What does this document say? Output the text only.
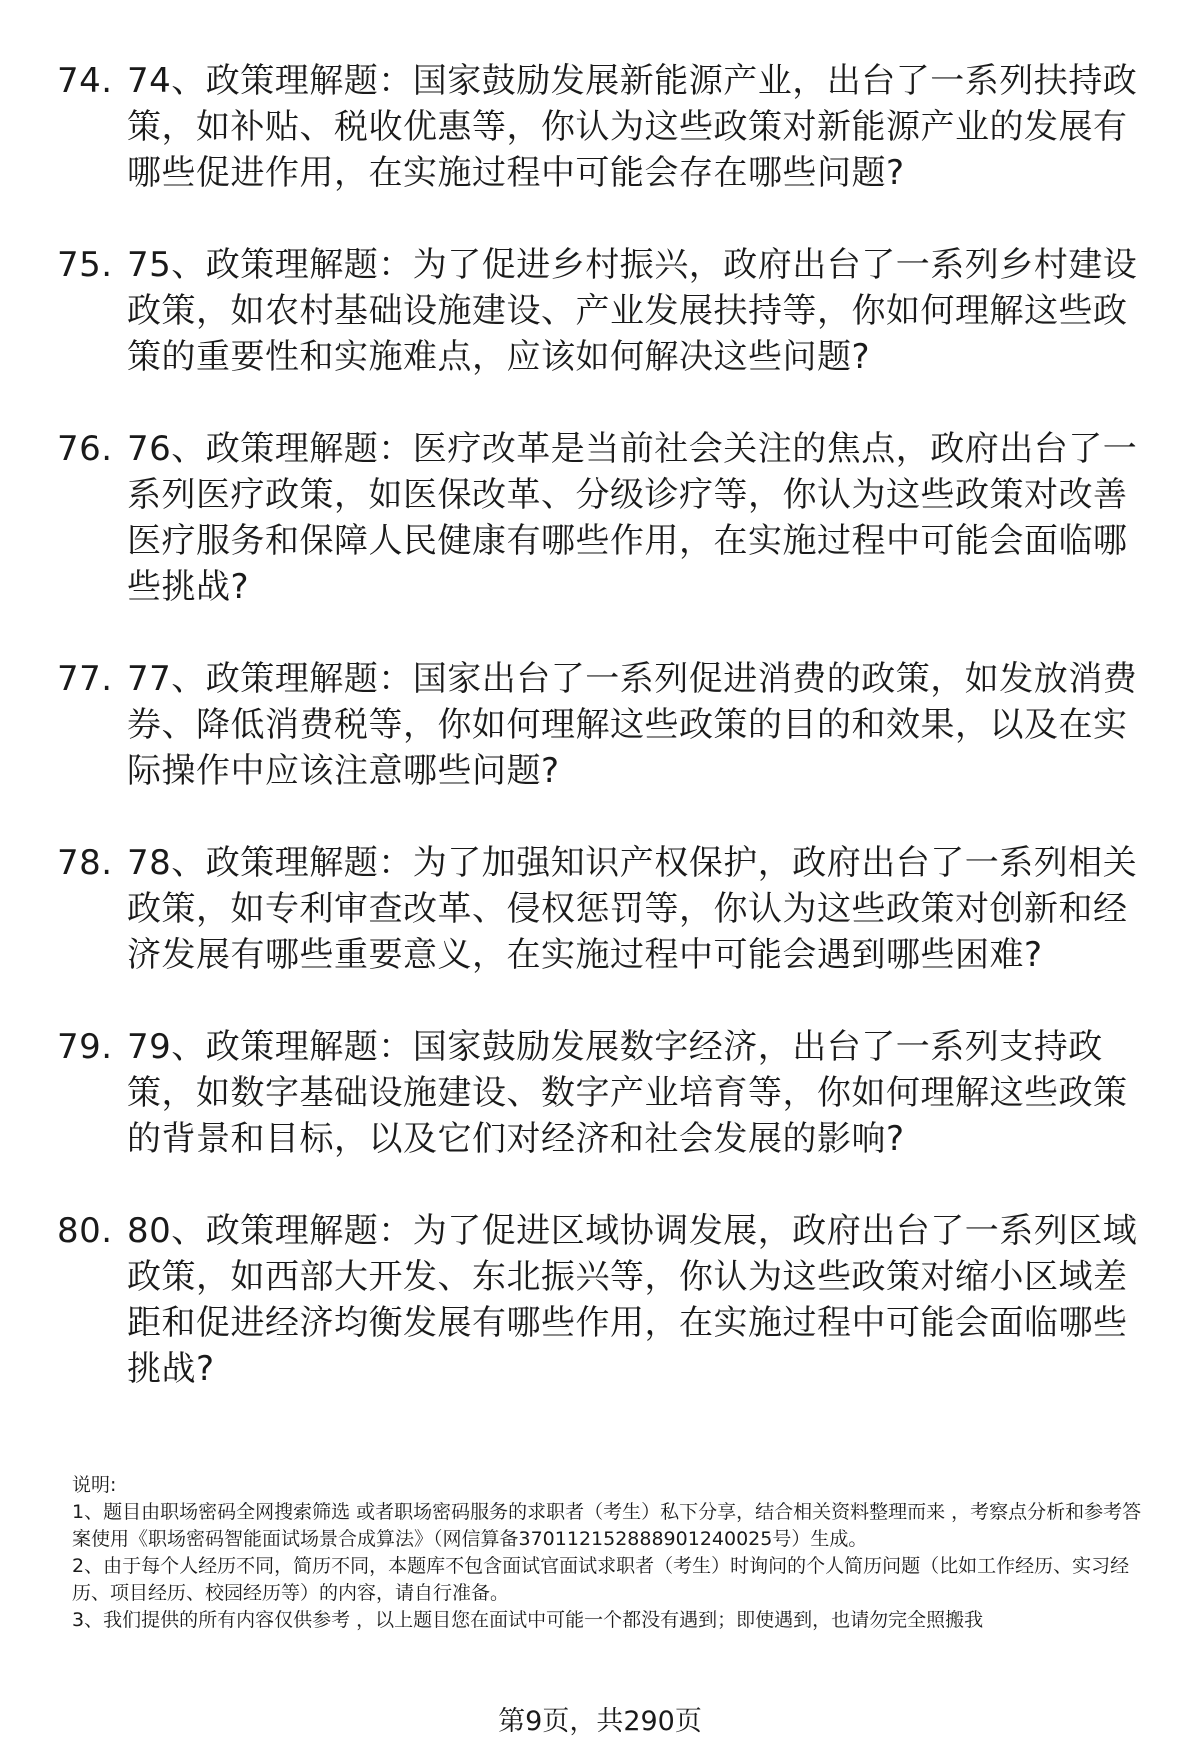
74. 74、政策理解题：国家鼓励发展新能源产业，出台了一系列扶持政策，如补贴、税收优惠等，你认为这些政策对新能源产业的发展有哪些促进作用，在实施过程中可能会存在哪些问题?
75. 75、政策理解题：为了促进乡村振兴，政府出台了一系列乡村建设政策，如农村基础设施建设、产业发展扶持等，你如何理解这些政策的重要性和实施难点，应该如何解决这些问题?
76. 76、政策理解题：医疗改革是当前社会关注的焦点，政府出台了一系列医疗政策，如医保改革、分级诊疗等，你认为这些政策对改善医疗服务和保障人民健康有哪些作用，在实施过程中可能会面临哪些挑战?
77. 77、政策理解题：国家出台了一系列促进消费的政策，如发放消费券、降低消费税等，你如何理解这些政策的目的和效果，以及在实际操作中应该注意哪些问题?
78. 78、政策理解题：为了加强知识产权保护，政府出台了一系列相关政策，如专利审查改革、侵权惩罚等，你认为这些政策对创新和经济发展有哪些重要意义，在实施过程中可能会遇到哪些困难?
79. 79、政策理解题：国家鼓励发展数字经济，出台了一系列支持政策，如数字基础设施建设、数字产业培育等，你如何理解这些政策的背景和目标，以及它们对经济和社会发展的影响?
80. 80、政策理解题：为了促进区域协调发展，政府出台了一系列区域政策，如西部大开发、东北振兴等，你认为这些政策对缩小区域差距和促进经济均衡发展有哪些作用，在实施过程中可能会面临哪些挑战?

说明:

1、题目由职场密码全网搜索筛选 或者职场密码服务的求职者（考生）私下分享，结合相关资料整理而来 ，考察点分析和参考答案使用《职场密码智能面试场景合成算法》（网信算备3701121528889012400​25号）生成。

2、由于每个人经历不同，简历不同，本题库不包含面试官面试求职者（考生）时询问的个人简历问题（比如工作经历、实习经历、项目经历、校园经历等）的内容，请自行准备。

3、我们提供的所有内容仅供参考 ，以上题目您在面试中可能一个都没有遇到；即使遇到，也请勿完全照搬我

第9页，共290页
